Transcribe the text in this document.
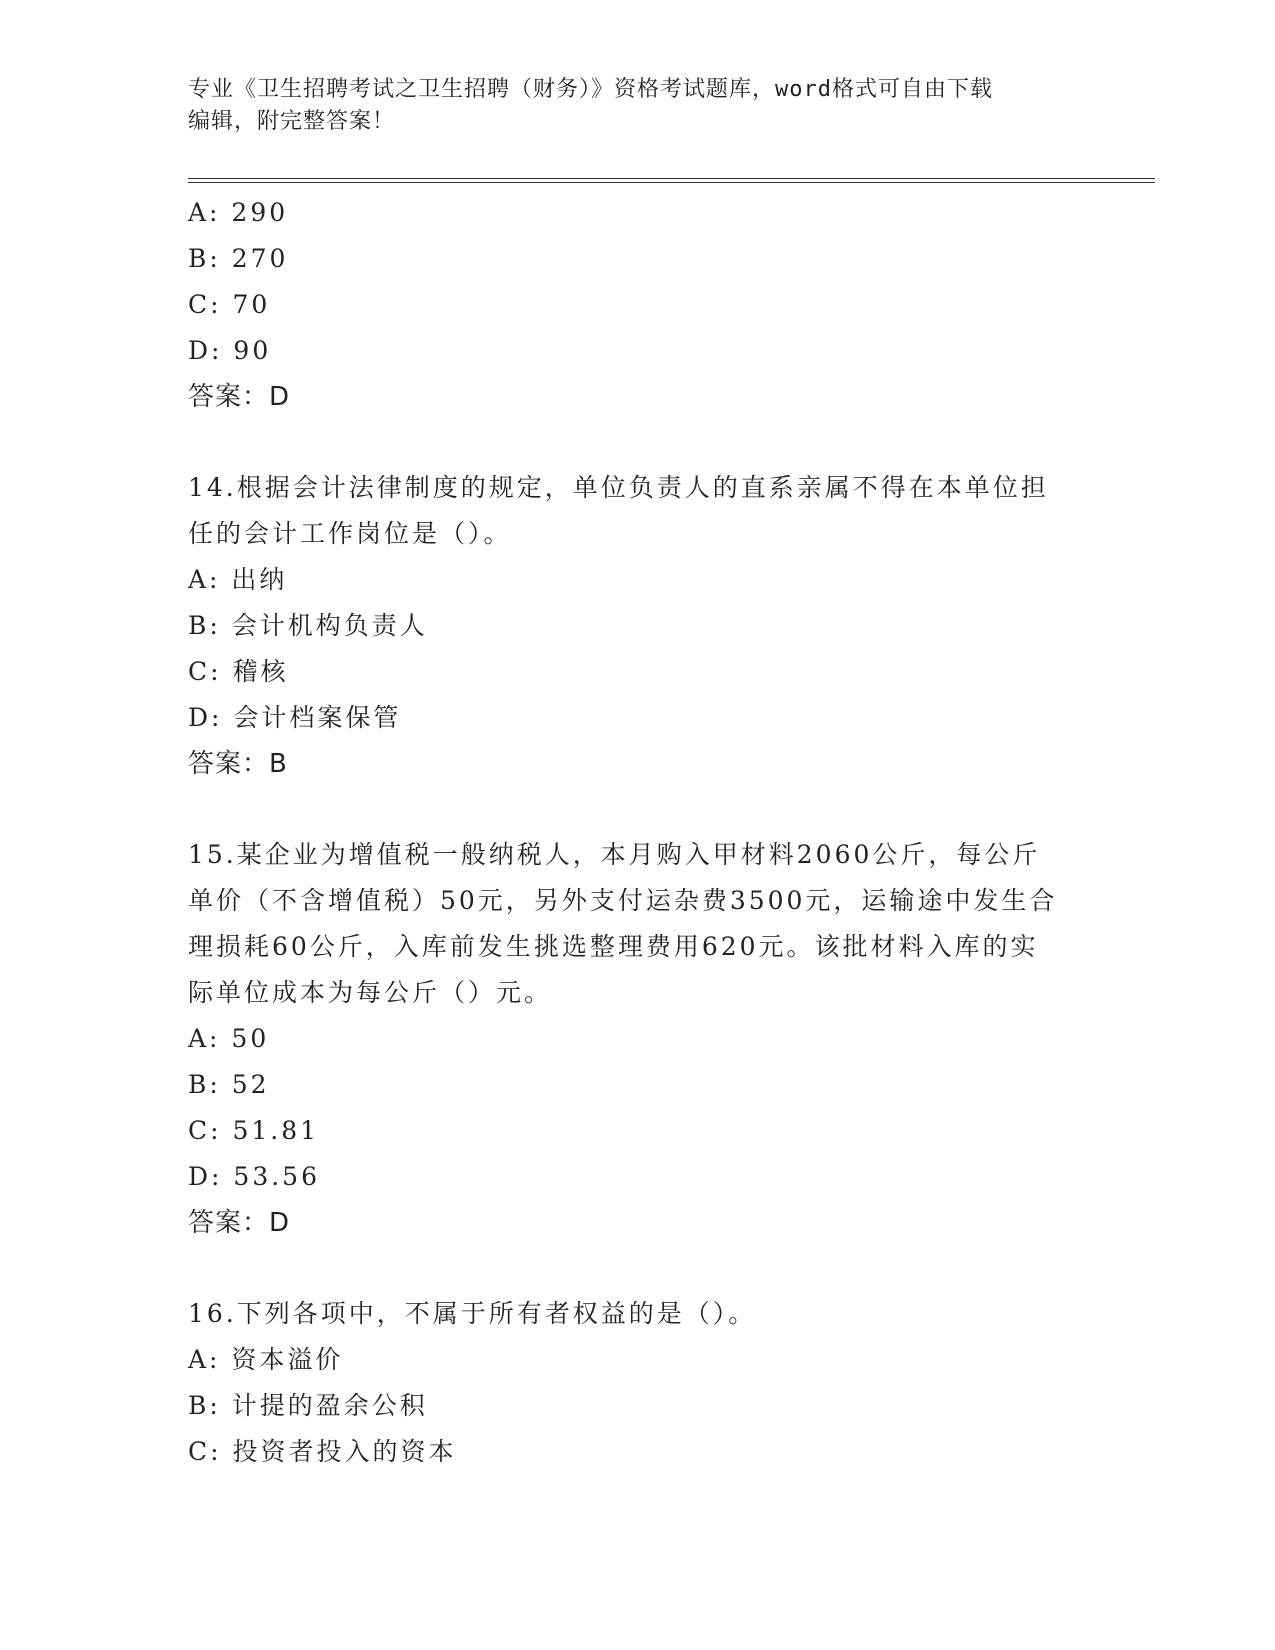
专业《卫生招聘考试之卫生招聘（财务）》资格考试题库，word格式可自由下载
编辑，附完整答案！
A: 290
B: 270
C: 70
D: 90
答案：D
14.根据会计法律制度的规定，单位负责人的直系亲属不得在本单位担
任的会计工作岗位是（）。
A: 出纳
B: 会计机构负责人
C: 稽核
D: 会计档案保管
答案：B
15.某企业为增值税一般纳税人，本月购入甲材料2060公斤，每公斤
单价（不含增值税）50元，另外支付运杂费3500元，运输途中发生合
理损耗60公斤，入库前发生挑选整理费用620元。该批材料入库的实
际单位成本为每公斤（）元。
A: 50
B: 52
C: 51.81
D: 53.56
答案：D
16.下列各项中，不属于所有者权益的是（）。
A: 资本溢价
B: 计提的盈余公积
C: 投资者投入的资本
